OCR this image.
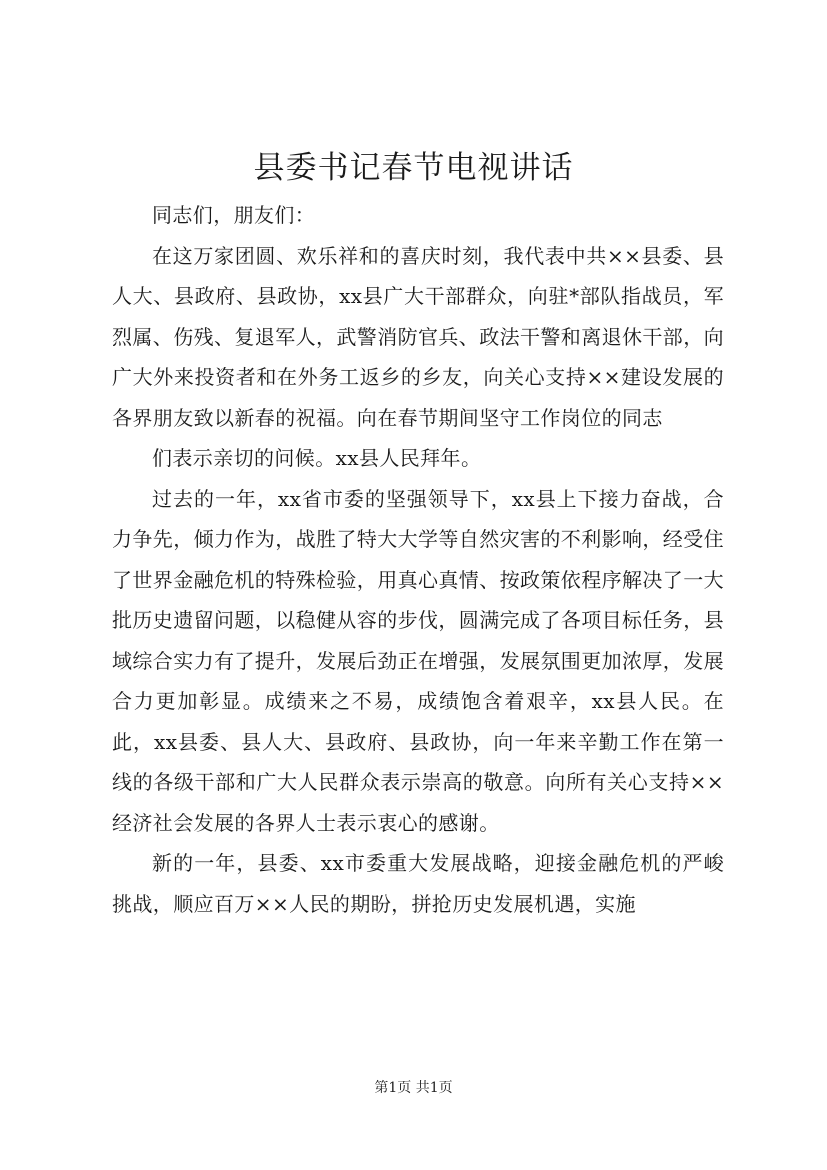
县委书记春节电视讲话

同志们，朋友们：

在这万家团圆、欢乐祥和的喜庆时刻，我代表中共××县委、县人大、县政府、县政协，xx县广大干部群众，向驻*部队指战员，军烈属、伤残、复退军人，武警消防官兵、政法干警和离退休干部，向广大外来投资者和在外务工返乡的乡友，向关心支持××建设发展的各界朋友致以新春的祝福。向在春节期间坚守工作岗位的同志

们表示亲切的问候。xx县人民拜年。

过去的一年，xx省市委的坚强领导下，xx县上下接力奋战，合力争先，倾力作为，战胜了特大大学等自然灾害的不利影响，经受住了世界金融危机的特殊检验，用真心真情、按政策依程序解决了一大批历史遗留问题，以稳健从容的步伐，圆满完成了各项目标任务，县域综合实力有了提升，发展后劲正在增强，发展氛围更加浓厚，发展合力更加彰显。成绩来之不易，成绩饱含着艰辛，xx县人民。在此，xx县委、县人大、县政府、县政协，向一年来辛勤工作在第一线的各级干部和广大人民群众表示崇高的敬意。向所有关心支持××经济社会发展的各界人士表示衷心的感谢。

新的一年，县委、xx市委重大发展战略，迎接金融危机的严峻挑战，顺应百万××人民的期盼，拼抢历史发展机遇，实施

第1页 共1页
